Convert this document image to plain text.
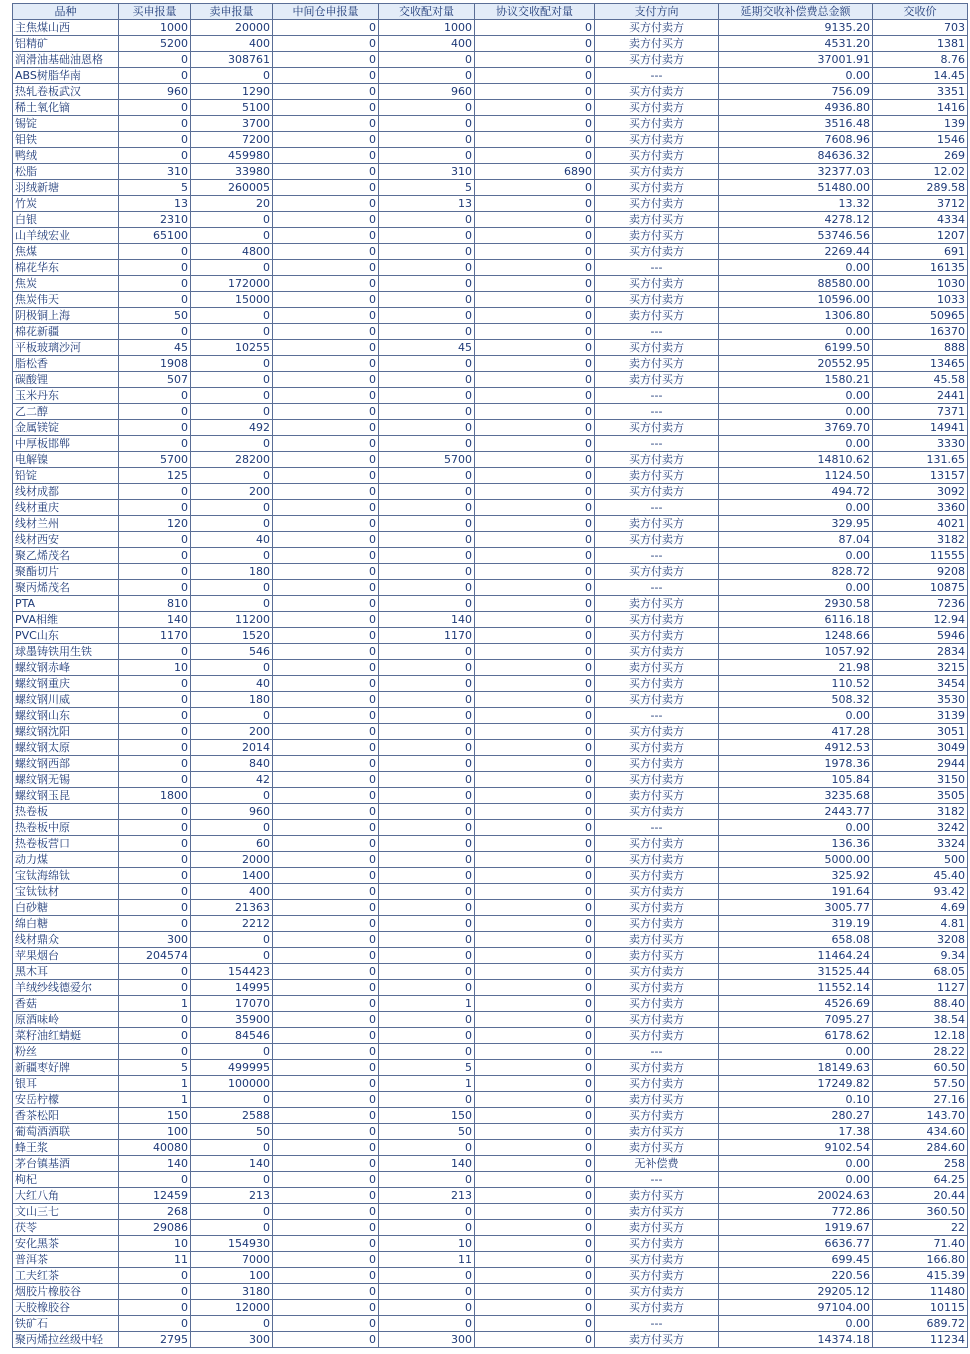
品种	买申报量	卖申报量	中间仓申报量	交收配对量	协议交收配对量	支付方向	延期交收补偿费总金额	交收价
主焦煤山西	1000	20000	0	1000	0	买方付卖方	9135.20	703
铝精矿	5200	400	0	400	0	卖方付买方	4531.20	1381
润滑油基础油恩格	0	308761	0	0	0	买方付卖方	37001.91	8.76
ABS树脂华南	0	0	0	0	0	---	0.00	14.45
热轧卷板武汉	960	1290	0	960	0	买方付卖方	756.09	3351
稀土氧化镝	0	5100	0	0	0	买方付卖方	4936.80	1416
锡锭	0	3700	0	0	0	买方付卖方	3516.48	139
钼铁	0	7200	0	0	0	买方付卖方	7608.96	1546
鸭绒	0	459980	0	0	0	买方付卖方	84636.32	269
松脂	310	33980	0	310	6890	买方付卖方	32377.03	12.02
羽绒新塘	5	260005	0	5	0	买方付卖方	51480.00	289.58
竹炭	13	20	0	13	0	买方付卖方	13.32	3712
白银	2310	0	0	0	0	卖方付买方	4278.12	4334
山羊绒宏业	65100	0	0	0	0	卖方付买方	53746.56	1207
焦煤	0	4800	0	0	0	买方付卖方	2269.44	691
棉花华东	0	0	0	0	0	---	0.00	16135
焦炭	0	172000	0	0	0	买方付卖方	88580.00	1030
焦炭伟天	0	15000	0	0	0	买方付卖方	10596.00	1033
阴极铜上海	50	0	0	0	0	卖方付买方	1306.80	50965
棉花新疆	0	0	0	0	0	---	0.00	16370
平板玻璃沙河	45	10255	0	45	0	买方付卖方	6199.50	888
脂松香	1908	0	0	0	0	卖方付买方	20552.95	13465
碳酸锂	507	0	0	0	0	卖方付买方	1580.21	45.58
玉米丹东	0	0	0	0	0	---	0.00	2441
乙二醇	0	0	0	0	0	---	0.00	7371
金属镁锭	0	492	0	0	0	买方付卖方	3769.70	14941
中厚板邯郸	0	0	0	0	0	---	0.00	3330
电解镍	5700	28200	0	5700	0	买方付卖方	14810.62	131.65
铅锭	125	0	0	0	0	卖方付买方	1124.50	13157
线材成都	0	200	0	0	0	买方付卖方	494.72	3092
线材重庆	0	0	0	0	0	---	0.00	3360
线材兰州	120	0	0	0	0	卖方付买方	329.95	4021
线材西安	0	40	0	0	0	买方付卖方	87.04	3182
聚乙烯茂名	0	0	0	0	0	---	0.00	11555
聚酯切片	0	180	0	0	0	买方付卖方	828.72	9208
聚丙烯茂名	0	0	0	0	0	---	0.00	10875
PTA	810	0	0	0	0	卖方付买方	2930.58	7236
PVA相维	140	11200	0	140	0	买方付卖方	6116.18	12.94
PVC山东	1170	1520	0	1170	0	买方付卖方	1248.66	5946
球墨铸铁用生铁	0	546	0	0	0	买方付卖方	1057.92	2834
螺纹钢赤峰	10	0	0	0	0	卖方付买方	21.98	3215
螺纹钢重庆	0	40	0	0	0	买方付卖方	110.52	3454
螺纹钢川威	0	180	0	0	0	买方付卖方	508.32	3530
螺纹钢山东	0	0	0	0	0	---	0.00	3139
螺纹钢沈阳	0	200	0	0	0	买方付卖方	417.28	3051
螺纹钢太原	0	2014	0	0	0	买方付卖方	4912.53	3049
螺纹钢西部	0	840	0	0	0	买方付卖方	1978.36	2944
螺纹钢无锡	0	42	0	0	0	买方付卖方	105.84	3150
螺纹钢玉昆	1800	0	0	0	0	卖方付买方	3235.68	3505
热卷板	0	960	0	0	0	买方付卖方	2443.77	3182
热卷板中原	0	0	0	0	0	---	0.00	3242
热卷板营口	0	60	0	0	0	买方付卖方	136.36	3324
动力煤	0	2000	0	0	0	买方付卖方	5000.00	500
宝钛海绵钛	0	1400	0	0	0	买方付卖方	325.92	45.40
宝钛钛材	0	400	0	0	0	买方付卖方	191.64	93.42
白砂糖	0	21363	0	0	0	买方付卖方	3005.77	4.69
绵白糖	0	2212	0	0	0	买方付卖方	319.19	4.81
线材鼎众	300	0	0	0	0	卖方付买方	658.08	3208
苹果烟台	204574	0	0	0	0	卖方付买方	11464.24	9.34
黑木耳	0	154423	0	0	0	买方付卖方	31525.44	68.05
羊绒纱线德爱尔	0	14995	0	0	0	买方付卖方	11552.14	1127
香菇	1	17070	0	1	0	买方付卖方	4526.69	88.40
原酒味岭	0	35900	0	0	0	买方付卖方	7095.27	38.54
菜籽油红蜻蜓	0	84546	0	0	0	买方付卖方	6178.62	12.18
粉丝	0	0	0	0	0	---	0.00	28.22
新疆枣好牌	5	499995	0	5	0	买方付卖方	18149.63	60.50
银耳	1	100000	0	1	0	买方付卖方	17249.82	57.50
安岳柠檬	1	0	0	0	0	卖方付买方	0.10	27.16
香茶松阳	150	2588	0	150	0	买方付卖方	280.27	143.70
葡萄酒酒联	100	50	0	50	0	卖方付买方	17.38	434.60
蜂王浆	40080	0	0	0	0	卖方付买方	9102.54	284.60
茅台镇基酒	140	140	0	140	0	无补偿费	0.00	258
枸杞	0	0	0	0	0	---	0.00	64.25
大红八角	12459	213	0	213	0	卖方付买方	20024.63	20.44
文山三七	268	0	0	0	0	卖方付买方	772.86	360.50
茯苓	29086	0	0	0	0	卖方付买方	1919.67	22
安化黑茶	10	154930	0	10	0	买方付卖方	6636.77	71.40
普洱茶	11	7000	0	11	0	买方付卖方	699.45	166.80
工夫红茶	0	100	0	0	0	买方付卖方	220.56	415.39
烟胶片橡胶谷	0	3180	0	0	0	买方付卖方	29205.12	11480
天胶橡胶谷	0	12000	0	0	0	买方付卖方	97104.00	10115
铁矿石	0	0	0	0	0	---	0.00	689.72
聚丙烯拉丝级中轻	2795	300	0	300	0	卖方付买方	14374.18	11234
